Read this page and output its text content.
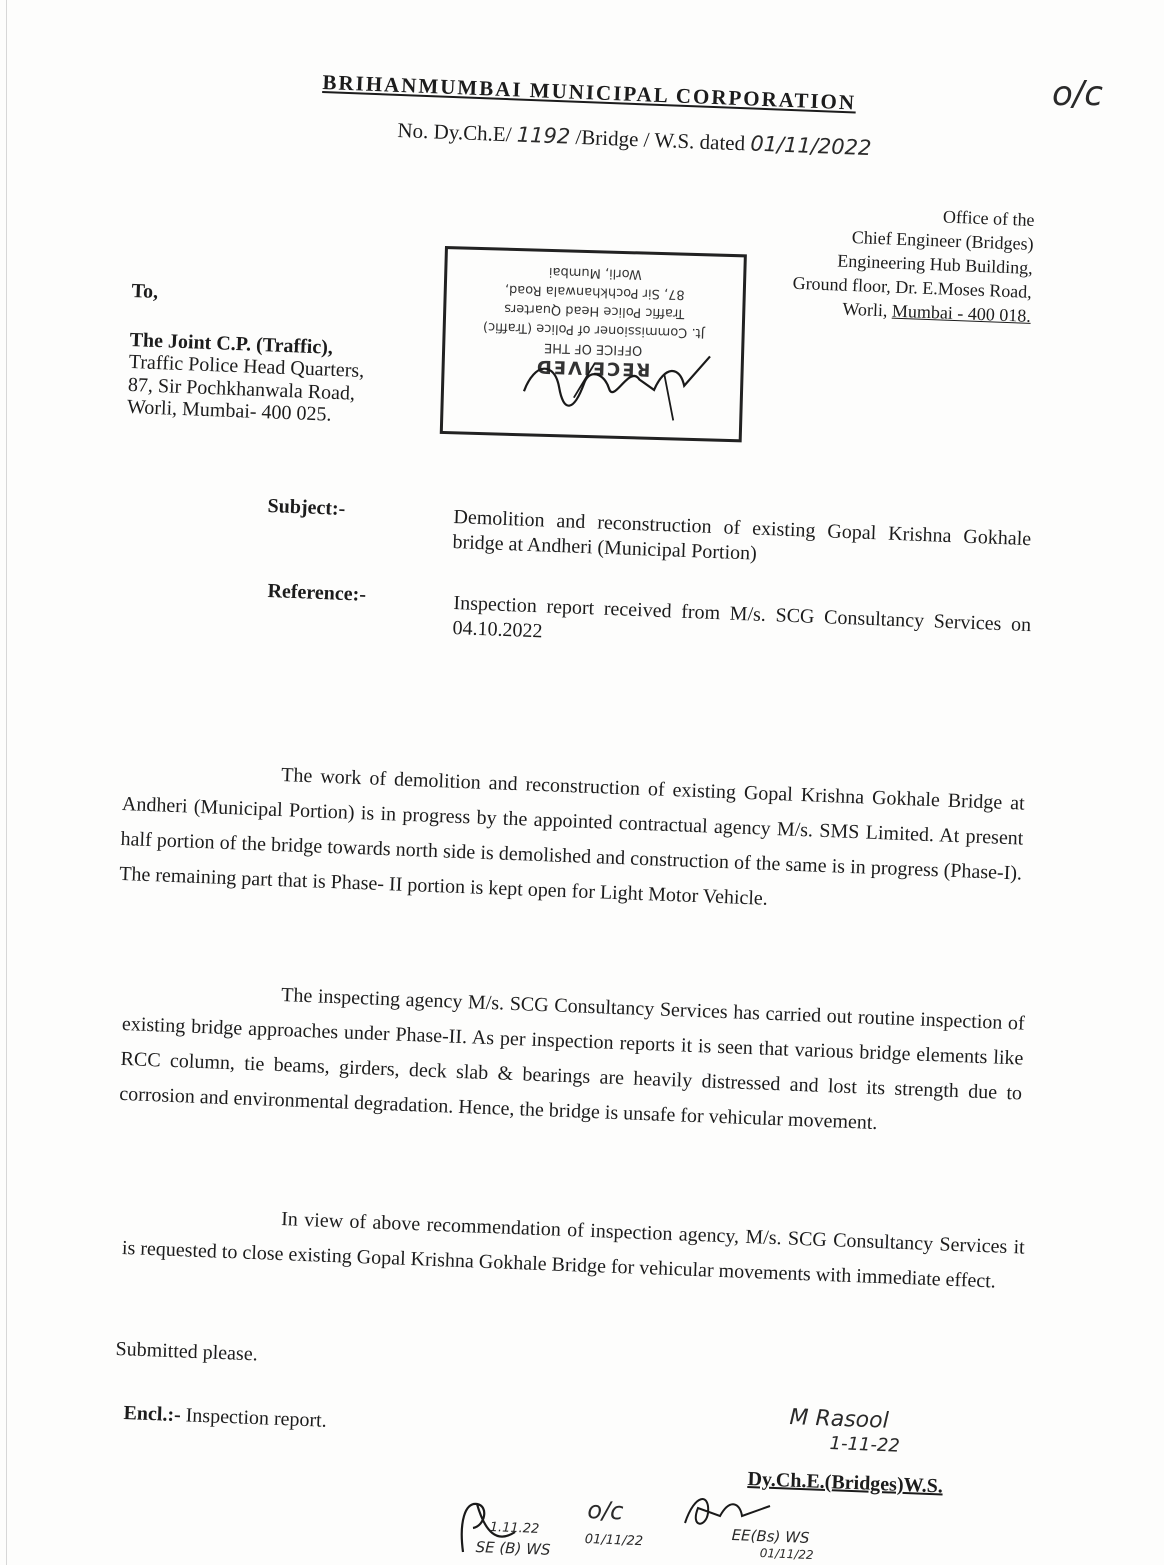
BRIHANMUMBAI MUNICIPAL CORPORATION
No. Dy.Ch.E/ 1192 /Bridge / W.S. dated 01/11/2022
o/c
Office of the
Chief Engineer (Bridges)
Engineering Hub Building,
Ground floor, Dr. E.Moses Road,
Worli, Mumbai - 400 018.
To,
The Joint C.P. (Traffic),
Traffic Police Head Quarters,
87, Sir Pochkhanwala Road,
Worli, Mumbai- 400 025.
RECEIVED
OFFICE OF THE
Jt. Commissioner of Police (Traffic)
Traffic Police Head Quarters
87, Sir Pochkhanwala Road,
Worli, Mumbai
Subject:-	Demolition and reconstruction of existing Gopal Krishna Gokhale bridge at Andheri (Municipal Portion)
Reference:-	Inspection report received from M/s. SCG Consultancy Services on 04.10.2022
The work of demolition and reconstruction of existing Gopal Krishna Gokhale Bridge at Andheri (Municipal Portion) is in progress by the appointed contractual agency M/s. SMS Limited. At present half portion of the bridge towards north side is demolished and construction of the same is in progress (Phase-I). The remaining part that is Phase- II portion is kept open for Light Motor Vehicle.
The inspecting agency M/s. SCG Consultancy Services has carried out routine inspection of existing bridge approaches under Phase-II. As per inspection reports it is seen that various bridge elements like RCC column, tie beams, girders, deck slab & bearings are heavily distressed and lost its strength due to corrosion and environmental degradation. Hence, the bridge is unsafe for vehicular movement.
In view of above recommendation of inspection agency, M/s. SCG Consultancy Services it is requested to close existing Gopal Krishna Gokhale Bridge for vehicular movements with immediate effect.
Submitted please.
Encl.:- Inspection report.	M Rasool
1-11-22
Dy.Ch.E.(Bridges)W.S.
1.11.22
SE (B) WS
o/c
01/11/22	EE(Bs) WS
01/11/22
